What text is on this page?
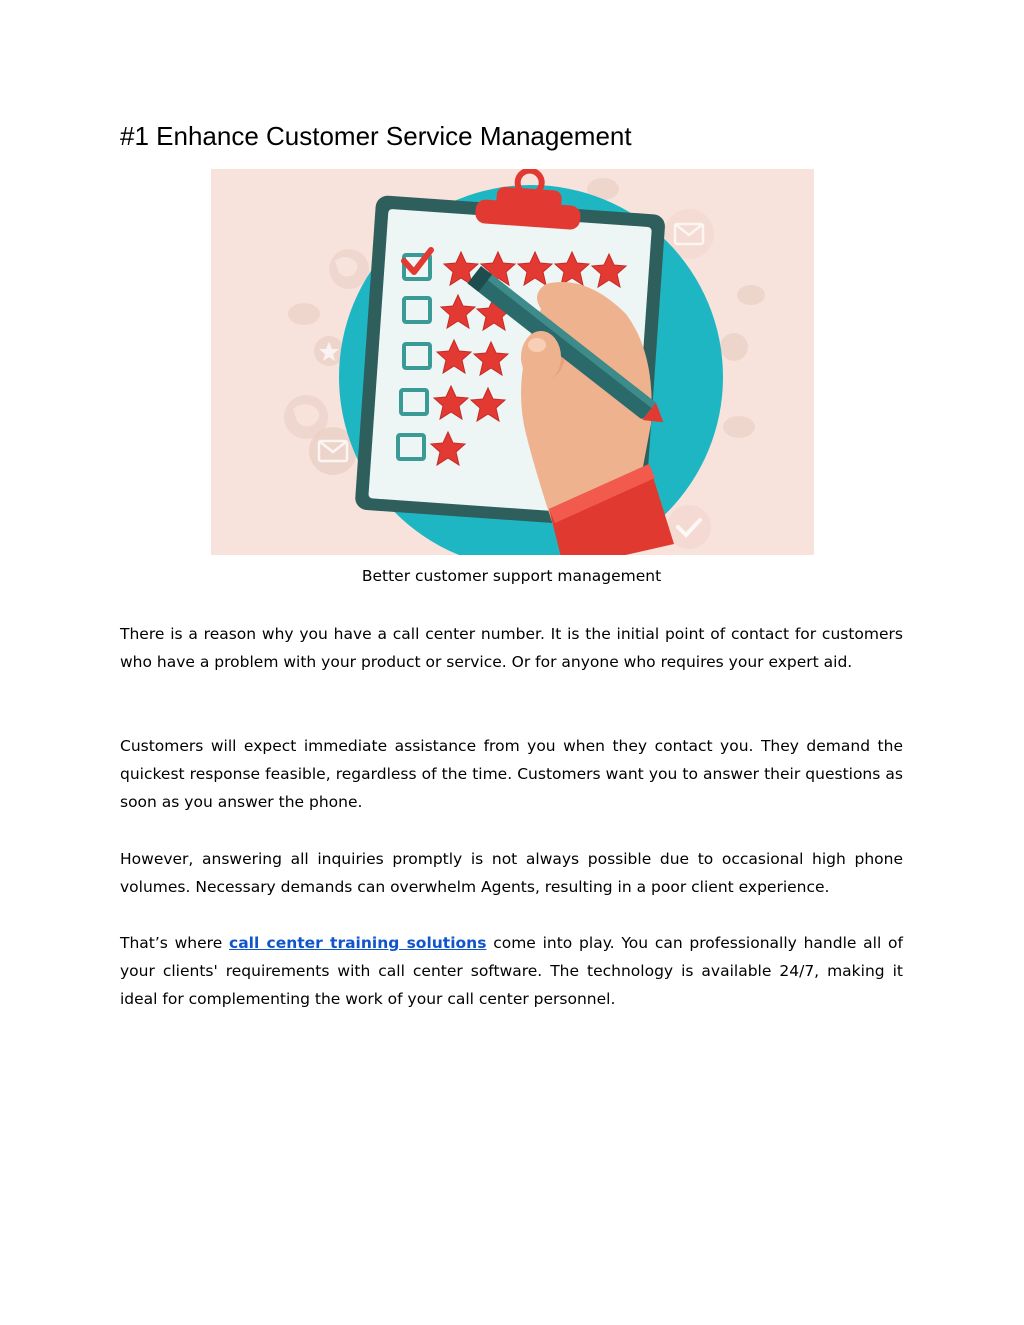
#1 Enhance Customer Service Management
Better customer support management

There is a reason why you have a call center number. It is the initial point of contact for customers who have a problem with your product or service. Or for anyone who requires your expert aid.

Customers will expect immediate assistance from you when they contact you. They demand the quickest response feasible, regardless of the time. Customers want you to answer their questions as soon as you answer the phone.

However, answering all inquiries promptly is not always possible due to occasional high phone volumes. Necessary demands can overwhelm Agents, resulting in a poor client experience.

That’s where call center training solutions come into play. You can professionally handle all of your clients' requirements with call center software. The technology is available 24/7, making it ideal for complementing the work of your call center personnel.
